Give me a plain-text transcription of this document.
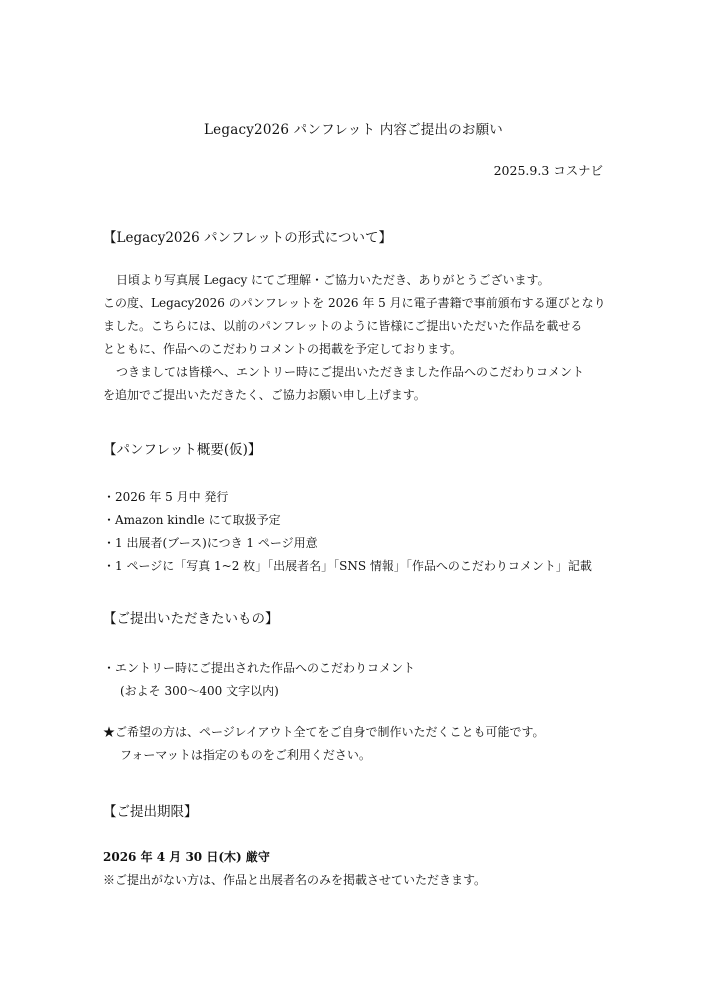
Legacy2026 パンフレット 内容ご提出のお願い
2025.9.3 コスナビ
【Legacy2026 パンフレットの形式について】

日頃より写真展 Legacy にてご理解・ご協力いただき、ありがとうございます。

この度、Legacy2026 のパンフレットを 2026 年 5 月に電子書籍で事前頒布する運びとなり

ました。こちらには、以前のパンフレットのように皆様にご提出いただいた作品を載せる

とともに、作品へのこだわりコメントの掲載を予定しております。

つきましては皆様へ、エントリー時にご提出いただきました作品へのこだわりコメント

を追加でご提出いただきたく、ご協力お願い申し上げます。

【パンフレット概要(仮)】
・2026 年 5 月中 発行
・Amazon kindle にて取扱予定
・1 出展者(ブース)につき 1 ページ用意
・1 ページに「写真 1~2 枚」「出展者名」「SNS 情報」「作品へのこだわりコメント」記載
【ご提出いただきたいもの】

・エントリー時にご提出された作品へのこだわりコメント

(およそ 300〜400 文字以内)

★ご希望の方は、ページレイアウト全てをご自身で制作いただくことも可能です。

フォーマットは指定のものをご利用ください。

【ご提出期限】

2026 年 4 月 30 日(木) 厳守

※ご提出がない方は、作品と出展者名のみを掲載させていただきます。
